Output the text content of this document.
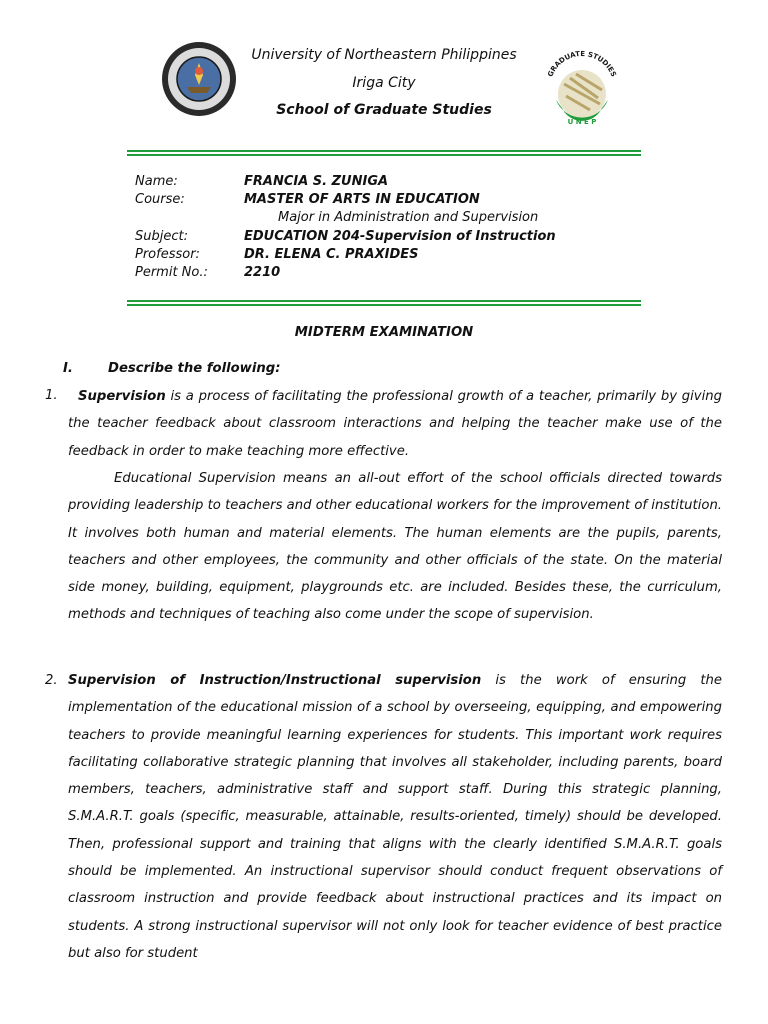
University of Northeastern Philippines
Iriga City
School of Graduate Studies
GRADUATE STUDIES
U N E P
Name:	FRANCIA S. ZUNIGA
Course:	MASTER OF ARTS IN EDUCATION
Major in Administration and Supervision
Subject:	EDUCATION 204-Supervision of Instruction
Professor:	DR. ELENA C. PRAXIDES
Permit No.:	2210
MIDTERM EXAMINATION
I.	Describe the following:
1.	Supervision is a process of facilitating the professional growth of a teacher, primarily by giving the teacher feedback about classroom interactions and helping the teacher make use of the feedback in order to make teaching more effective.
Educational Supervision means an all-out effort of the school officials directed towards providing leadership to teachers and other educational workers for the improvement of institution. It involves both human and material elements. The human elements are the pupils, parents, teachers and other employees, the community and other officials of the state. On the material side money, building, equipment, playgrounds etc. are included. Besides these, the curriculum, methods and techniques of teaching also come under the scope of supervision.
2. Supervision of Instruction/Instructional supervision is the work of ensuring the implementation of the educational mission of a school by overseeing, equipping, and empowering teachers to provide meaningful learning experiences for students. This important work requires facilitating collaborative strategic planning that involves all stakeholder, including parents, board members, teachers, administrative staff and support staff. During this strategic planning, S.M.A.R.T. goals (specific, measurable, attainable, results-oriented, timely) should be developed. Then, professional support and training that aligns with the clearly identified S.M.A.R.T. goals should be implemented. An instructional supervisor should conduct frequent observations of classroom instruction and provide feedback about instructional practices and its impact on students. A strong instructional supervisor will not only look for teacher evidence of best practice but also for student
